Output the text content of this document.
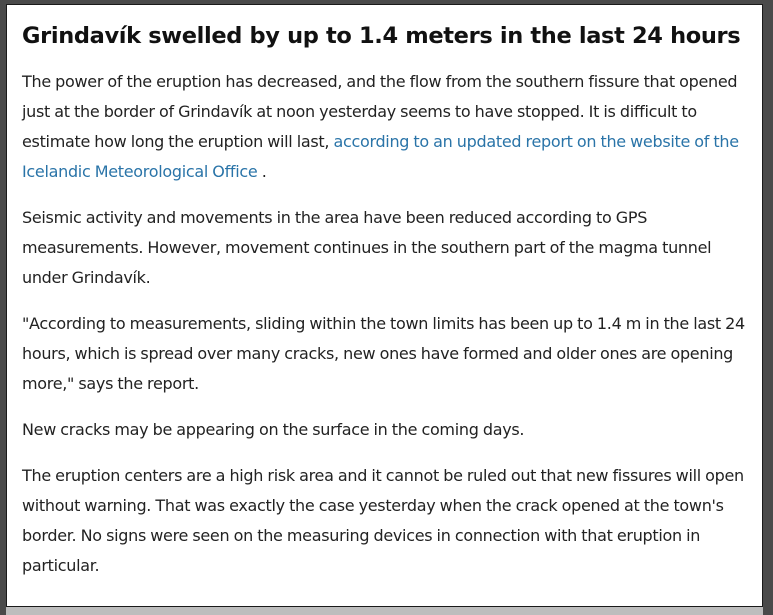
Grindavík swelled by up to 1.4 meters in the last 24 hours

The power of the eruption has decreased, and the flow from the southern fissure that opened just at the border of Grindavík at noon yesterday seems to have stopped. It is difficult to estimate how long the eruption will last, according to an updated report on the website of the Icelandic Meteorological Office .

Seismic activity and movements in the area have been reduced according to GPS measurements. However, movement continues in the southern part of the magma tunnel under Grindavík.

"According to measurements, sliding within the town limits has been up to 1.4 m in the last 24 hours, which is spread over many cracks, new ones have formed and older ones are opening more," says the report.

New cracks may be appearing on the surface in the coming days.

The eruption centers are a high risk area and it cannot be ruled out that new fissures will open without warning. That was exactly the case yesterday when the crack opened at the town's border. No signs were seen on the measuring devices in connection with that eruption in particular.
